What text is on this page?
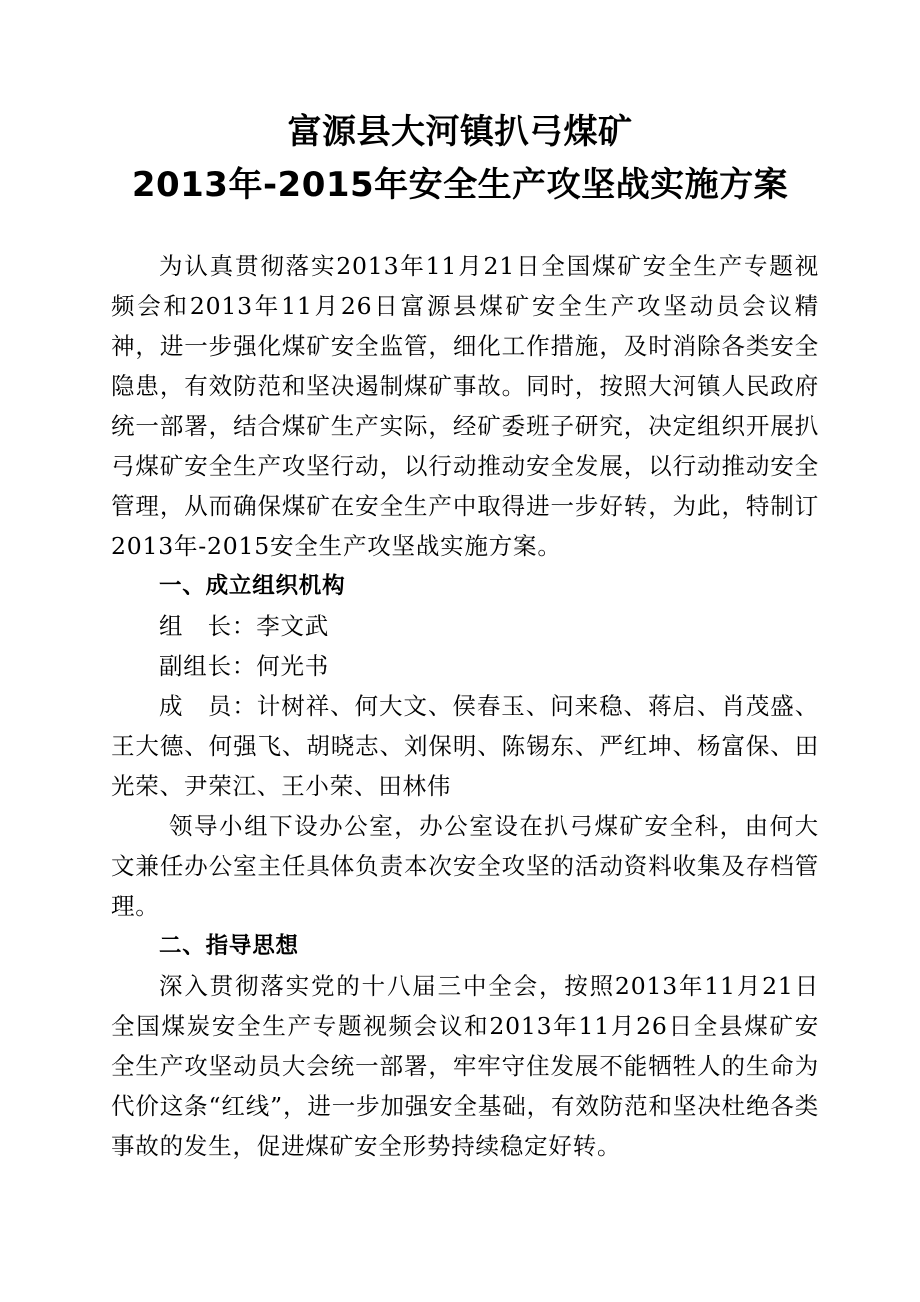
富源县大河镇扒弓煤矿
2013年-2015年安全生产攻坚战实施方案

为认真贯彻落实2013年11月21日全国煤矿安全生产专题视频会和2013年11月26日富源县煤矿安全生产攻坚动员会议精神，进一步强化煤矿安全监管，细化工作措施，及时消除各类安全隐患，有效防范和坚决遏制煤矿事故。同时，按照大河镇人民政府统一部署，结合煤矿生产实际，经矿委班子研究，决定组织开展扒弓煤矿安全生产攻坚行动，以行动推动安全发展，以行动推动安全管理，从而确保煤矿在安全生产中取得进一步好转，为此，特制订2013年-2015安全生产攻坚战实施方案。

一、成立组织机构

组　长：李文武

副组长：何光书

成　员：计树祥、何大文、侯春玉、问来稳、蒋启、肖茂盛、王大德、何强飞、胡晓志、刘保明、陈锡东、严红坤、杨富保、田光荣、尹荣江、王小荣、田林伟

领导小组下设办公室，办公室设在扒弓煤矿安全科，由何大文兼任办公室主任具体负责本次安全攻坚的活动资料收集及存档管理。

二、指导思想

深入贯彻落实党的十八届三中全会，按照2013年11月21日全国煤炭安全生产专题视频会议和2013年11月26日全县煤矿安全生产攻坚动员大会统一部署，牢牢守住发展不能牺牲人的生命为代价这条“红线”，进一步加强安全基础，有效防范和坚决杜绝各类事故的发生，促进煤矿安全形势持续稳定好转。
